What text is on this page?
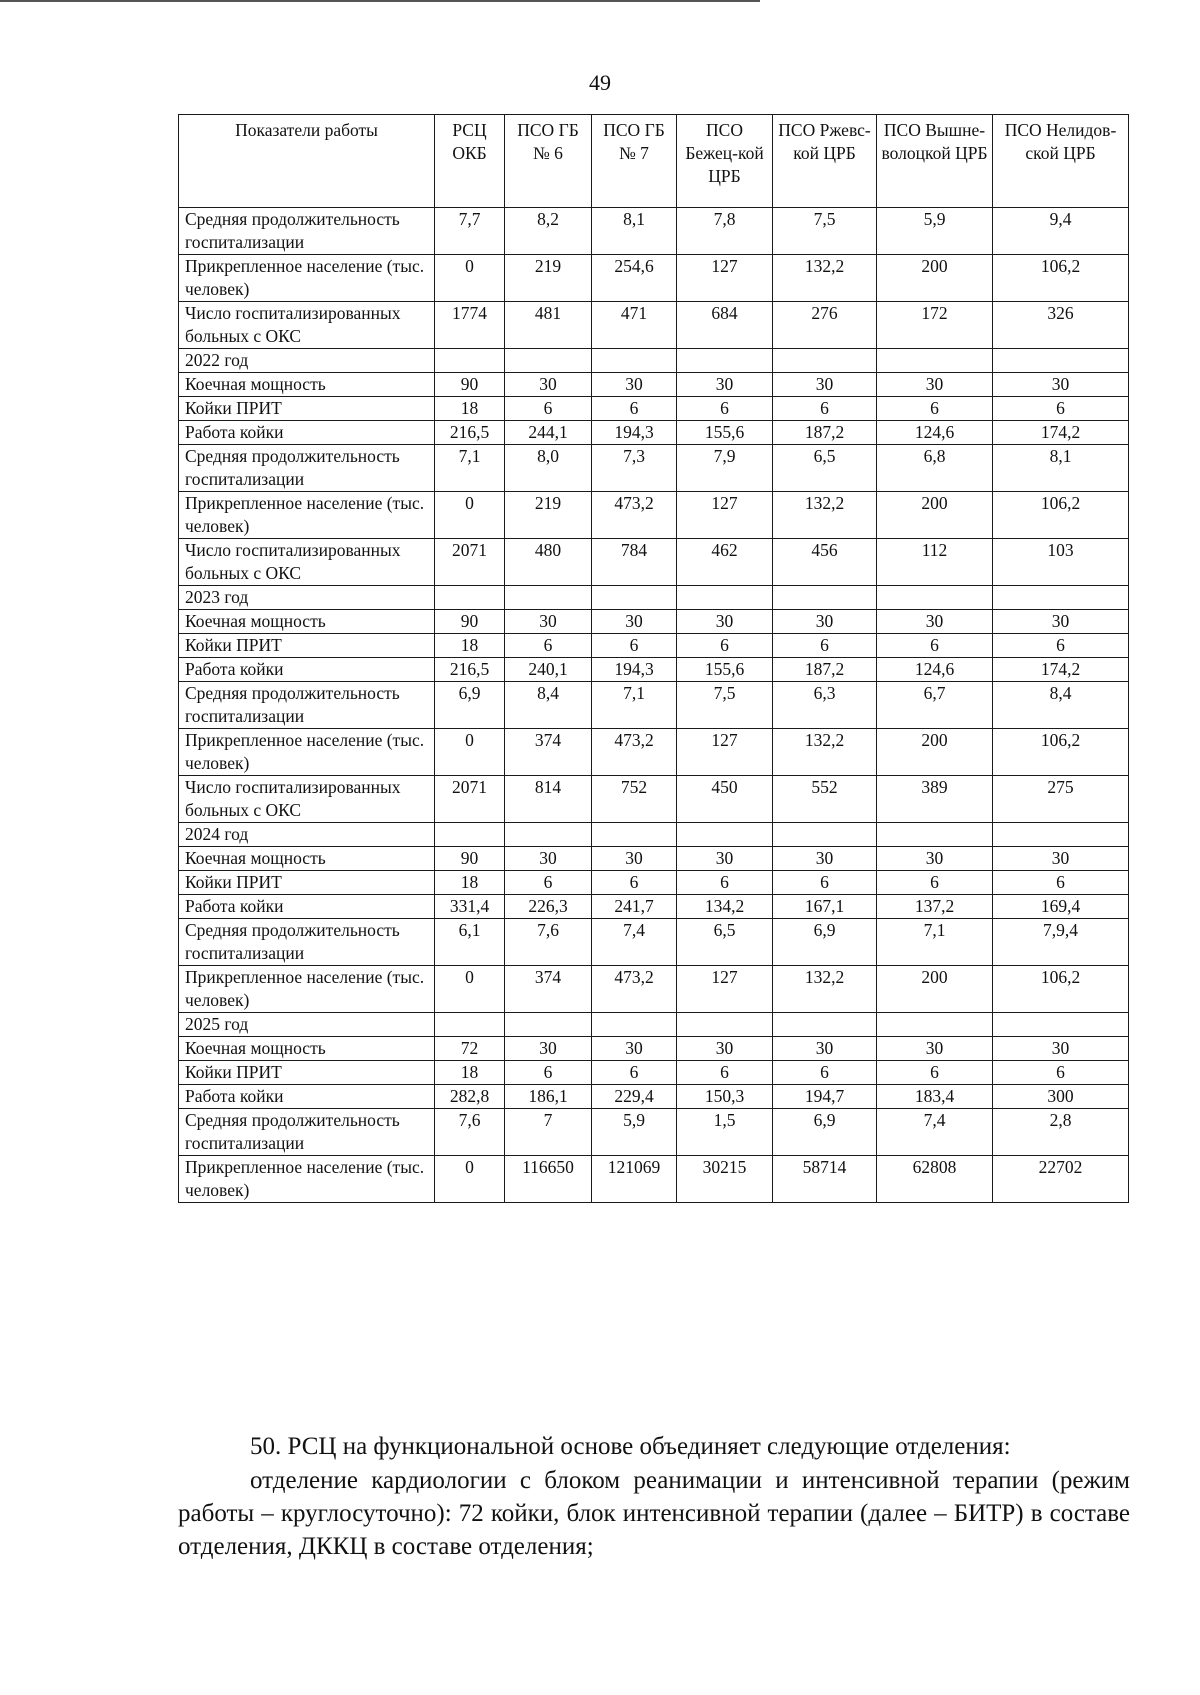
49
Показатели работы	РСЦ ОКБ	ПСО ГБ № 6	ПСО ГБ № 7	ПСО Бежец-кой ЦРБ	ПСО Ржевс-кой ЦРБ	ПСО Вышне-волоцкой ЦРБ	ПСО Нелидов-ской ЦРБ
Средняя продолжительность госпитализации	7,7	8,2	8,1	7,8	7,5	5,9	9,4
Прикрепленное население (тыс. человек)	0	219	254,6	127	132,2	200	106,2
Число госпитализированных больных с ОКС	1774	481	471	684	276	172	326
2022 год							
Коечная мощность	90	30	30	30	30	30	30
Койки ПРИТ	18	6	6	6	6	6	6
Работа койки	216,5	244,1	194,3	155,6	187,2	124,6	174,2
Средняя продолжительность госпитализации	7,1	8,0	7,3	7,9	6,5	6,8	8,1
Прикрепленное население (тыс. человек)	0	219	473,2	127	132,2	200	106,2
Число госпитализированных больных с ОКС	2071	480	784	462	456	112	103
2023 год							
Коечная мощность	90	30	30	30	30	30	30
Койки ПРИТ	18	6	6	6	6	6	6
Работа койки	216,5	240,1	194,3	155,6	187,2	124,6	174,2
Средняя продолжительность госпитализации	6,9	8,4	7,1	7,5	6,3	6,7	8,4
Прикрепленное население (тыс. человек)	0	374	473,2	127	132,2	200	106,2
Число госпитализированных больных с ОКС	2071	814	752	450	552	389	275
2024 год							
Коечная мощность	90	30	30	30	30	30	30
Койки ПРИТ	18	6	6	6	6	6	6
Работа койки	331,4	226,3	241,7	134,2	167,1	137,2	169,4
Средняя продолжительность госпитализации	6,1	7,6	7,4	6,5	6,9	7,1	7,9,4
Прикрепленное население (тыс. человек)	0	374	473,2	127	132,2	200	106,2
2025 год							
Коечная мощность	72	30	30	30	30	30	30
Койки ПРИТ	18	6	6	6	6	6	6
Работа койки	282,8	186,1	229,4	150,3	194,7	183,4	300
Средняя продолжительность госпитализации	7,6	7	5,9	1,5	6,9	7,4	2,8
Прикрепленное население (тыс. человек)	0	116650	121069	30215	58714	62808	22702

50. РСЦ на функциональной основе объединяет следующие отделения:

отделение кардиологии с блоком реанимации и интенсивной терапии (режим работы – круглосуточно): 72 койки, блок интенсивной терапии (далее – БИТР) в составе отделения, ДККЦ в составе отделения;
